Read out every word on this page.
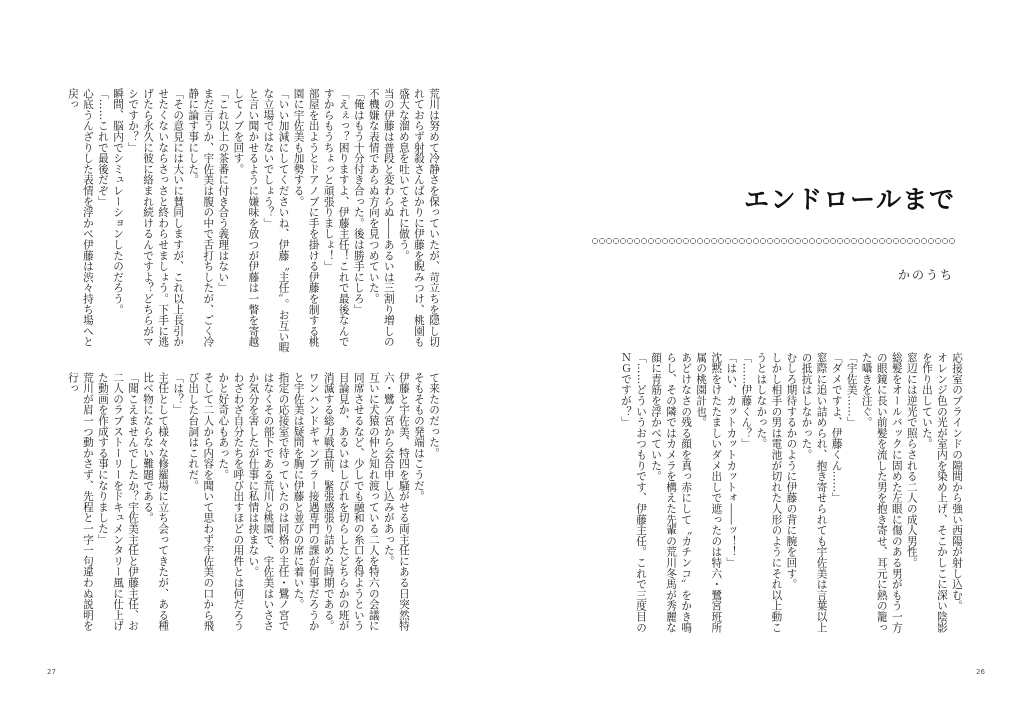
荒川は努めて冷静さを保っていたが、苛立ちを隠し切れておらず射殺さんばかりに伊藤を睨みつけ、桃園も盛大な溜め息を吐いてそれに倣う。

当の伊藤は普段と変わらぬ――あるいは三割り増しの不機嫌な表情であらぬ方向を見つめていた。

「俺はもう十分付き合った。後は勝手にしろ」

「えぇっ？困りますよ、伊藤主任！これで最後なんですからもうちょっと頑張りましょ！」

部屋を出ようとドアノブに手を掛ける伊藤を制する桃園に宇佐美も加勢する。

「いい加減にしてくださいね、伊藤〝主任〟。お互い暇な立場ではないでしょう？」

と言い聞かせるように嫌味を放つが伊藤は一瞥を寄越してノブを回す。

「これ以上の茶番に付き合う義理はない」

まだ言うか、宇佐美は腹の中で舌打ちしたが、ごく冷静に論す事にした。

「その意見には大いに賛同しますが、これ以上長引かせたくないならさっさと終わらせましょう。下手に逃げたら永久に彼に絡まれ続けるんですよ？どちらがマシですか？」

瞬間、脳内でシミュレーションしたのだろう。

「……これで最後だぞ」

心底うんざりした表情を浮かべ伊藤は渋々持ち場へと戻っ

て来たのだった。

そもそもの発端はこうだ。

伊藤と宇佐美、特四を騒がせる両主任にある日突然特六・鷺ノ宮から会合申し込みがあった。

互いに犬猿の仲と知れ渡っている二人を特六の会議に同席させるなど、少しでも融和の糸口を得ようという目論見か、あるいはしびれを切らしたどちらかの班が消滅する総力戦直前、緊張感張り詰めた時期である。

ワンハンドギャンブラー接遇専門の課が何事だろうかと宇佐美は疑問を胸に伊藤と並びの席に着いた。

指定の応接室で待っていたのは同格の主任・鷺ノ宮ではなくその部下である荒川と桃園で、宇佐美はいささか気分を害したが仕事に私情は挟まない。

わざわざ自分たちを呼び出すほどの用件とは何だろうかと好奇心もあった。

そして二人から内容を聞いて思わず宇佐美の口から飛び出した台詞はこれだ。

「は？」

主任として様々な修羅場に立ち会ってきたが、ある種比べ物にならない難題である。

「聞こえませんでしたか？宇佐美主任と伊藤主任、お二人のラブストーリーをドキュメンタリー風に仕上げた動画を作成する事になりました」

荒川が眉一つ動かさず、先程と一字一句違わぬ説明を行っ

27
エンドロールまで
かのうち

応接室のブラインドの隙間から強い西陽が射し込む。

オレンジ色の光が室内を染め上げ、そこかしこに深い陰影を作り出していた。

窓辺には逆光で照らされる二人の成人男性。

総髪をオールバックに固めた左眼に傷のある男がもう一方の眼鏡に長い前髪を流した男を抱き寄せ、耳元に熱の籠った囁きを注ぐ。

「宇佐美……」

「ダメですよ、伊藤くん……」

窓際に追い詰められ、抱き寄せられても宇佐美は言葉以上の抵抗はしなかった。

むしろ期待するかのように伊藤の背に腕を回す。

しかし相手の男は電池が切れた人形のようにそれ以上動こうとはしなかった。

「……伊藤くん？」

「はい、カットカットカットォ――ッ！！」

沈黙をけたたましいダメ出しで遮ったのは特六・鷺宮班所属の桃園計也。

あどけなさの残る顔を真っ赤にして〝カチンコ〟をかき鳴らし、その隣ではカメラを構えた先輩の荒川冬馬が秀麗な顔に青筋を浮かべていた。

「……どういうおつもりです、伊藤主任。これで三度目のＮＧですが？」

26
